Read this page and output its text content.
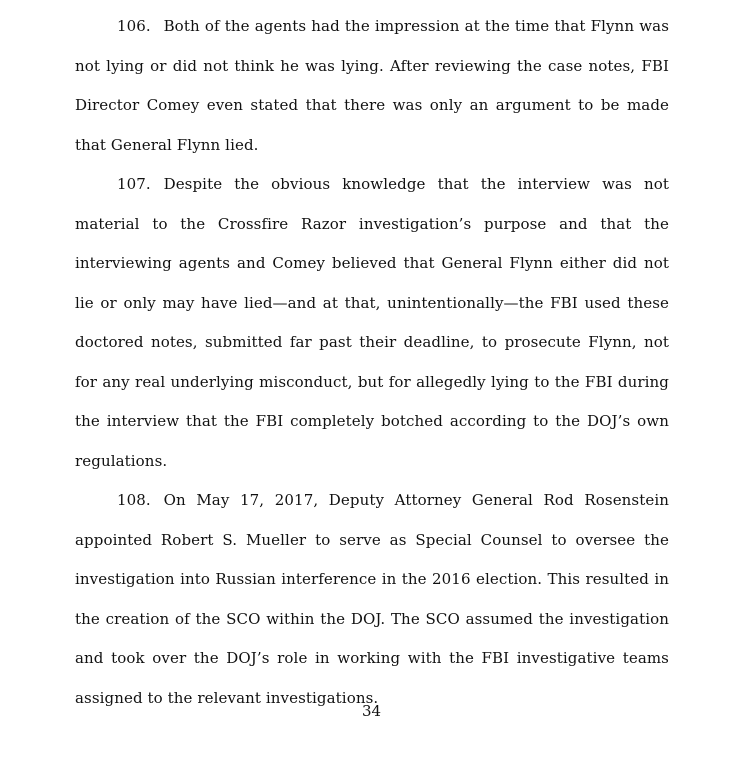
106. Both of the agents had the impression at the time that Flynn was not lying or did not think he was lying. After reviewing the case notes, FBI Director Comey even stated that there was only an argument to be made that General Flynn lied.

107. Despite the obvious knowledge that the interview was not material to the Crossfire Razor investigation’s purpose and that the interviewing agents and Comey believed that General Flynn either did not lie or only may have lied—and at that, unintentionally—the FBI used these doctored notes, submitted far past their deadline, to prosecute Flynn, not for any real underlying misconduct, but for allegedly lying to the FBI during the interview that the FBI completely botched according to the DOJ’s own regulations.

108. On May 17, 2017, Deputy Attorney General Rod Rosenstein appointed Robert S. Mueller to serve as Special Counsel to oversee the investigation into Russian interference in the 2016 election. This resulted in the creation of the SCO within the DOJ. The SCO assumed the investigation and took over the DOJ’s role in working with the FBI investigative teams assigned to the relevant investigations.

34
